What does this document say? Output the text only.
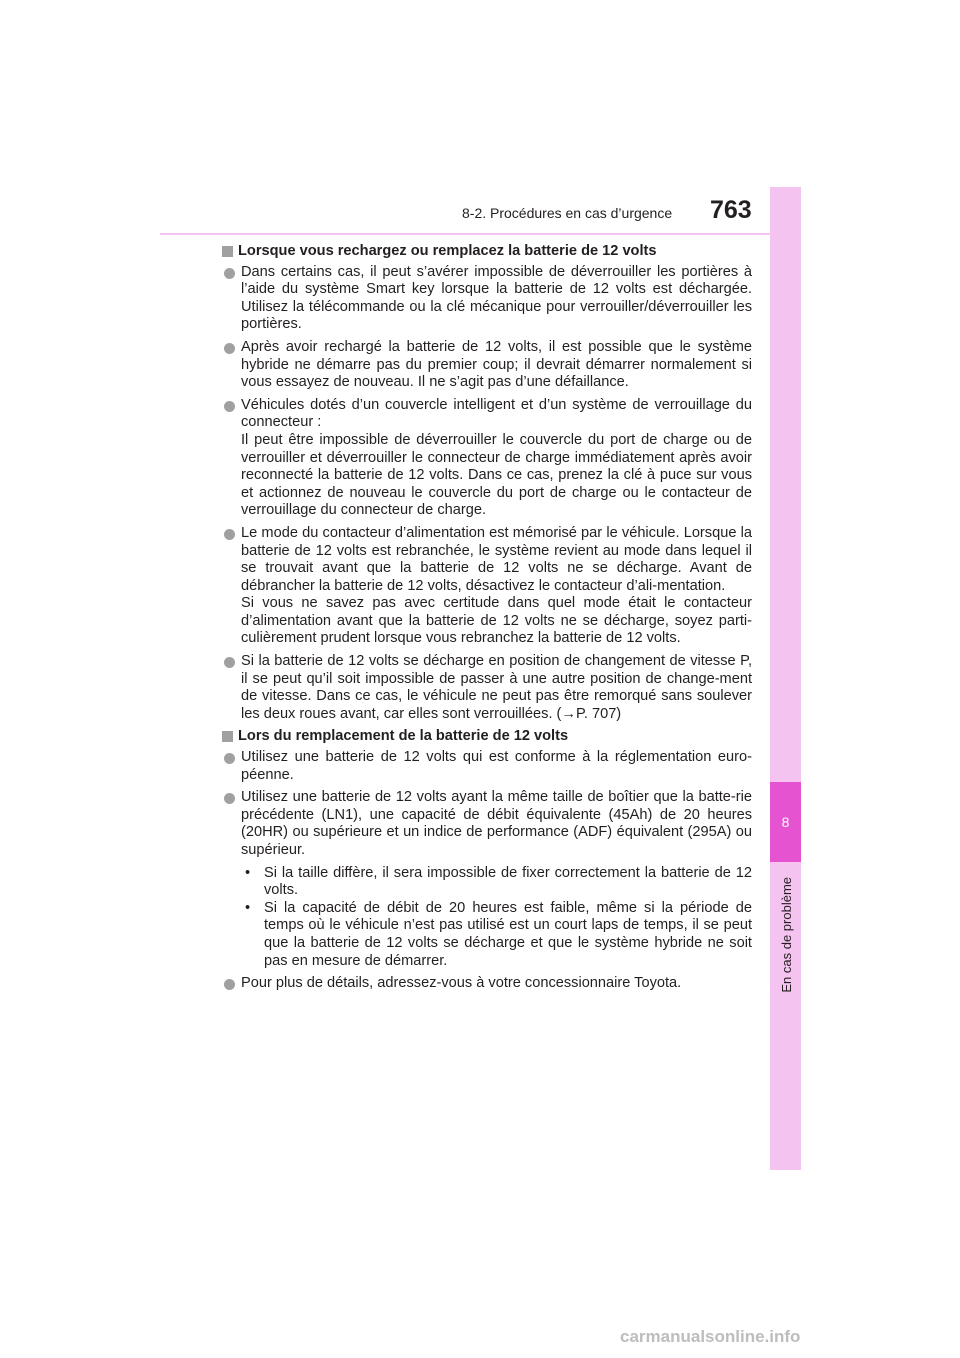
8
En cas de problème
8-2. Procédures en cas d’urgence 763
Lorsque vous rechargez ou remplacez la batterie de 12 volts
Dans certains cas, il peut s’avérer impossible de déverrouiller les portières à l’aide du système Smart key lorsque la batterie de 12 volts est déchargée. Utilisez la télécommande ou la clé mécanique pour verrouiller/déverrouiller les portières.
Après avoir rechargé la batterie de 12 volts, il est possible que le système hybride ne démarre pas du premier coup; il devrait démarrer normalement si vous essayez de nouveau. Il ne s’agit pas d’une défaillance.
Véhicules dotés d’un couvercle intelligent et d’un système de verrouillage du connecteur :
Il peut être impossible de déverrouiller le couvercle du port de charge ou de verrouiller et déverrouiller le connecteur de charge immédiatement après avoir reconnecté la batterie de 12 volts. Dans ce cas, prenez la clé à puce sur vous et actionnez de nouveau le couvercle du port de charge ou le contacteur de verrouillage du connecteur de charge.
Le mode du contacteur d’alimentation est mémorisé par le véhicule. Lorsque la batterie de 12 volts est rebranchée, le système revient au mode dans lequel il se trouvait avant que la batterie de 12 volts ne se décharge. Avant de débrancher la batterie de 12 volts, désactivez le contacteur d’ali-mentation.
Si vous ne savez pas avec certitude dans quel mode était le contacteur d’alimentation avant que la batterie de 12 volts ne se décharge, soyez parti-culièrement prudent lorsque vous rebranchez la batterie de 12 volts.
Si la batterie de 12 volts se décharge en position de changement de vitesse P, il se peut qu’il soit impossible de passer à une autre position de change-ment de vitesse. Dans ce cas, le véhicule ne peut pas être remorqué sans soulever les deux roues avant, car elles sont verrouillées. (→P. 707)
Lors du remplacement de la batterie de 12 volts
Utilisez une batterie de 12 volts qui est conforme à la réglementation euro-péenne.
Utilisez une batterie de 12 volts ayant la même taille de boîtier que la batte-rie précédente (LN1), une capacité de débit équivalente (45Ah) de 20 heures (20HR) ou supérieure et un indice de performance (ADF) équivalent (295A) ou supérieur.
• Si la taille diffère, il sera impossible de fixer correctement la batterie de 12 volts.
• Si la capacité de débit de 20 heures est faible, même si la période de temps où le véhicule n’est pas utilisé est un court laps de temps, il se peut que la batterie de 12 volts se décharge et que le système hybride ne soit pas en mesure de démarrer.
Pour plus de détails, adressez-vous à votre concessionnaire Toyota.
carmanualsonline.info
